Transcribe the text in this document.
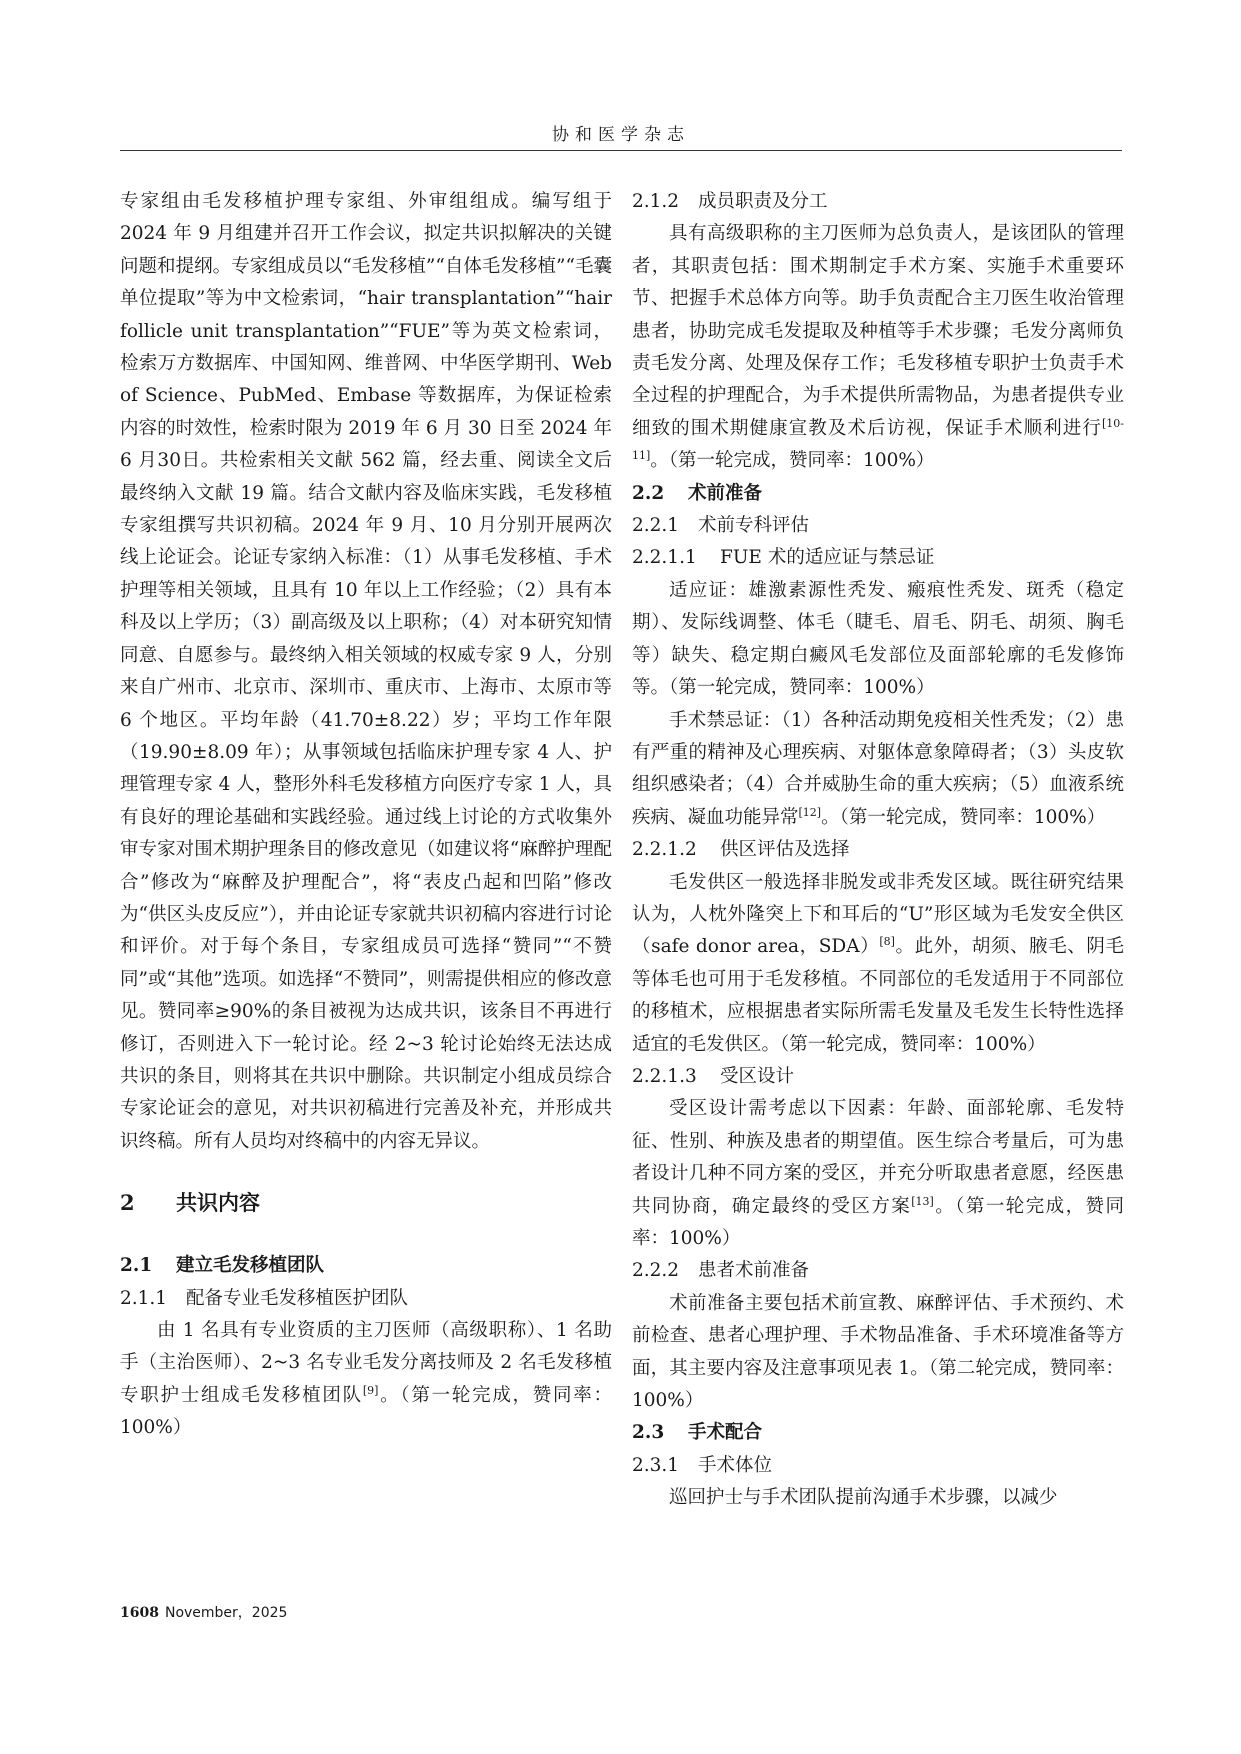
协和医学杂志

专家组由毛发移植护理专家组、外审组组成。编写组于 2024 年 9 月组建并召开工作会议，拟定共识拟解决的关键问题和提纲。专家组成员以“毛发移植”“自体毛发移植”“毛囊单位提取”等为中文检索词，“hair transplantation”“hair follicle unit transplantation”“FUE”等为英文检索词，检索万方数据库、中国知网、维普网、中华医学期刊、Web of Science、PubMed、Embase 等数据库，为保证检索内容的时效性，检索时限为 2019 年 6 月 30 日至 2024 年 6 月30日。共检索相关文献 562 篇，经去重、阅读全文后最终纳入文献 19 篇。结合文献内容及临床实践，毛发移植专家组撰写共识初稿。2024 年 9 月、10 月分别开展两次线上论证会。论证专家纳入标准：（1）从事毛发移植、手术护理等相关领域，且具有 10 年以上工作经验；（2）具有本科及以上学历；（3）副高级及以上职称；（4）对本研究知情同意、自愿参与。最终纳入相关领域的权威专家 9 人，分别来自广州市、北京市、深圳市、重庆市、上海市、太原市等 6 个地区。平均年龄（41.70±8.22）岁；平均工作年限（19.90±8.09 年）；从事领域包括临床护理专家 4 人、护理管理专家 4 人，整形外科毛发移植方向医疗专家 1 人，具有良好的理论基础和实践经验。通过线上讨论的方式收集外审专家对围术期护理条目的修改意见（如建议将“麻醉护理配合”修改为“麻醉及护理配合”，将“表皮凸起和凹陷”修改为“供区头皮反应”），并由论证专家就共识初稿内容进行讨论和评价。对于每个条目，专家组成员可选择“赞同”“不赞同”或“其他”选项。如选择“不赞同”，则需提供相应的修改意见。赞同率≥90%的条目被视为达成共识，该条目不再进行修订，否则进入下一轮讨论。经 2~3 轮讨论始终无法达成共识的条目，则将其在共识中删除。共识制定小组成员综合专家论证会的意见，对共识初稿进行完善及补充，并形成共识终稿。所有人员均对终稿中的内容无异议。

2 共识内容

2.1 建立毛发移植团队

2.1.1 配备专业毛发移植医护团队

由 1 名具有专业资质的主刀医师（高级职称）、1 名助手（主治医师）、2~3 名专业毛发分离技师及 2 名毛发移植专职护士组成毛发移植团队[9]。（第一轮完成，赞同率：100%）

2.1.2 成员职责及分工

具有高级职称的主刀医师为总负责人，是该团队的管理者，其职责包括：围术期制定手术方案、实施手术重要环节、把握手术总体方向等。助手负责配合主刀医生收治管理患者，协助完成毛发提取及种植等手术步骤；毛发分离师负责毛发分离、处理及保存工作；毛发移植专职护士负责手术全过程的护理配合，为手术提供所需物品，为患者提供专业细致的围术期健康宣教及术后访视，保证手术顺利进行[10-11]。（第一轮完成，赞同率：100%）

2.2 术前准备

2.2.1 术前专科评估

2.2.1.1 FUE 术的适应证与禁忌证

适应证：雄激素源性秃发、瘢痕性秃发、斑秃（稳定期）、发际线调整、体毛（睫毛、眉毛、阴毛、胡须、胸毛等）缺失、稳定期白癜风毛发部位及面部轮廓的毛发修饰等。（第一轮完成，赞同率：100%）

手术禁忌证：（1）各种活动期免疫相关性秃发；（2）患有严重的精神及心理疾病、对躯体意象障碍者；（3）头皮软组织感染者；（4）合并威胁生命的重大疾病；（5）血液系统疾病、凝血功能异常[12]。（第一轮完成，赞同率：100%）

2.2.1.2 供区评估及选择

毛发供区一般选择非脱发或非秃发区域。既往研究结果认为，人枕外隆突上下和耳后的“U”形区域为毛发安全供区（safe donor area，SDA）[8]。此外，胡须、腋毛、阴毛等体毛也可用于毛发移植。不同部位的毛发适用于不同部位的移植术，应根据患者实际所需毛发量及毛发生长特性选择适宜的毛发供区。（第一轮完成，赞同率：100%）

2.2.1.3 受区设计

受区设计需考虑以下因素：年龄、面部轮廓、毛发特征、性别、种族及患者的期望值。医生综合考量后，可为患者设计几种不同方案的受区，并充分听取患者意愿，经医患共同协商，确定最终的受区方案[13]。（第一轮完成，赞同率：100%）

2.2.2 患者术前准备

术前准备主要包括术前宣教、麻醉评估、手术预约、术前检查、患者心理护理、手术物品准备、手术环境准备等方面，其主要内容及注意事项见表 1。（第二轮完成，赞同率：100%）

2.3 手术配合

2.3.1 手术体位

巡回护士与手术团队提前沟通手术步骤，以减少

1608 November，2025
